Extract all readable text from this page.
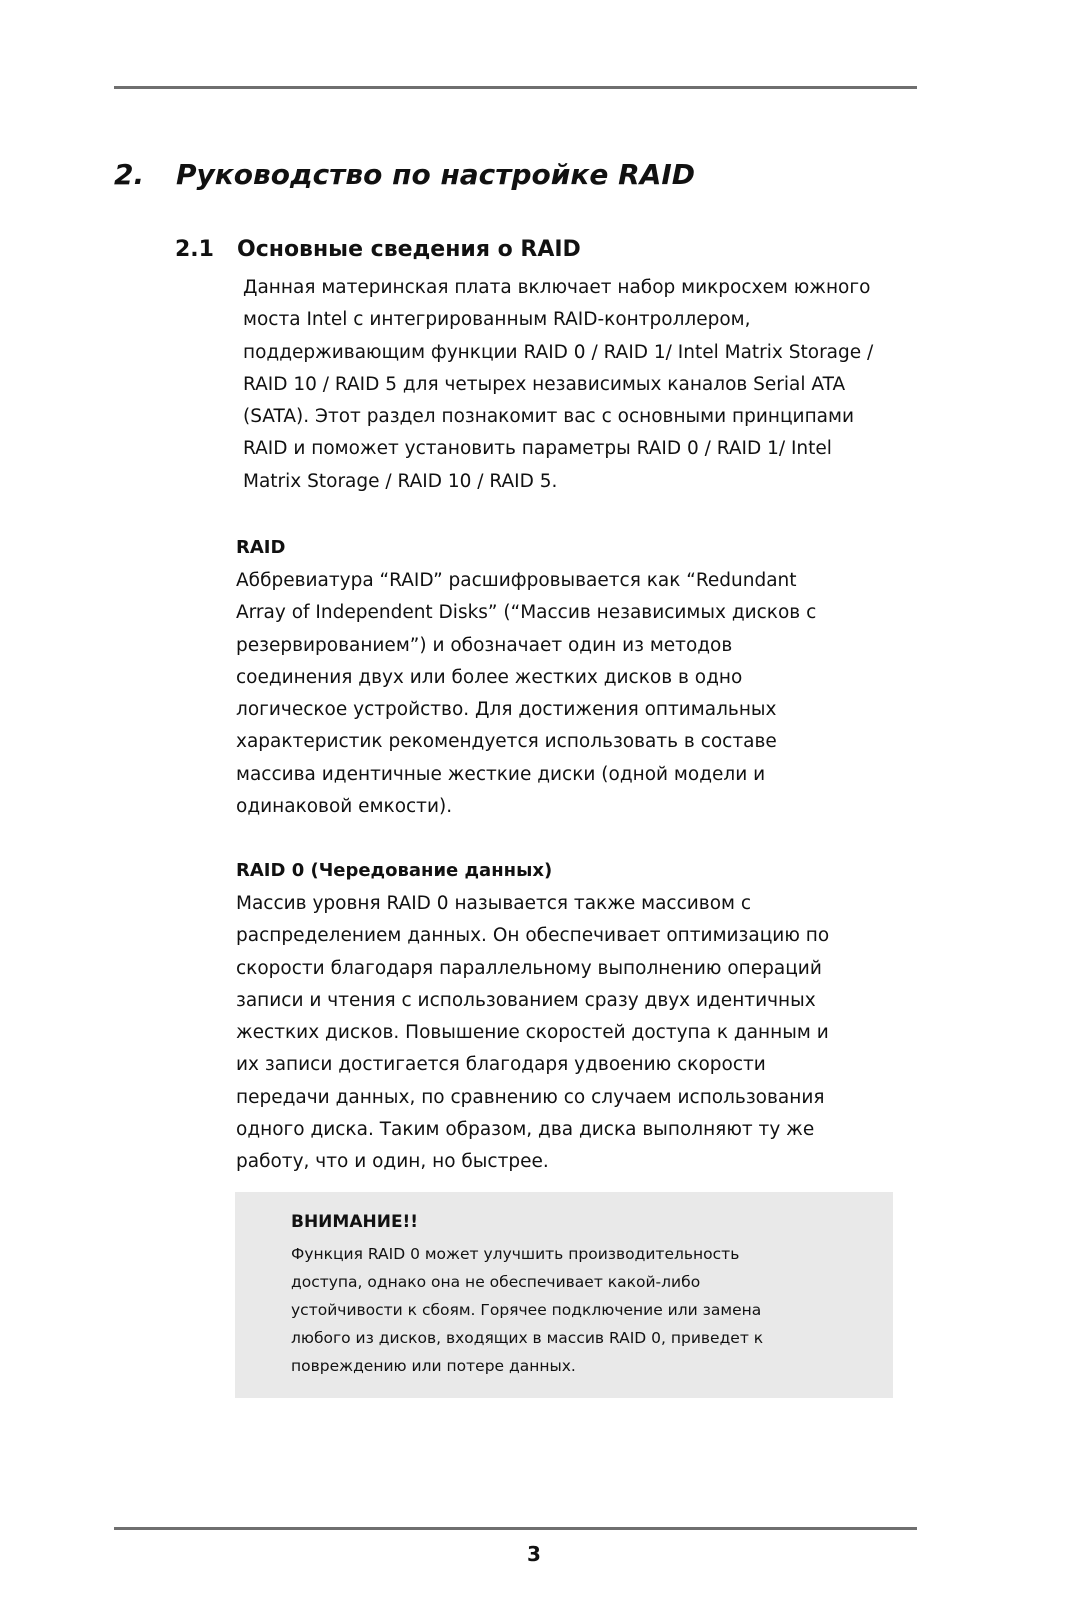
2. Руководство по настройке RAID
2.1 Основные сведения о RAID

Данная материнская плата включает набор микросхем южного
моста Intel с интегрированным RAID-контроллером,
поддерживающим функции RAID 0 / RAID 1/ Intel Matrix Storage /
RAID 10 / RAID 5 для четырех независимых каналов Serial ATA
(SATA). Этот раздел познакомит вас с основными принципами
RAID и поможет установить параметры RAID 0 / RAID 1/ Intel
Matrix Storage / RAID 10 / RAID 5.

RAID

Аббревиатура “RAID” расшифровывается как “Redundant
Array of Independent Disks” (“Массив независимых дисков с
резервированием”) и обозначает один из методов
соединения двух или более жестких дисков в одно
логическое устройство. Для достижения оптимальных
характеристик рекомендуется использовать в составе
массива идентичные жесткие диски (одной модели и
одинаковой емкости).

RAID 0 (Чередование данных)

Массив уровня RAID 0 называется также массивом с
распределением данных. Он обеспечивает оптимизацию по
скорости благодаря параллельному выполнению операций
записи и чтения с использованием сразу двух идентичных
жестких дисков. Повышение скоростей доступа к данным и
их записи достигается благодаря удвоению скорости
передачи данных, по сравнению со случаем использования
одного диска. Таким образом, два диска выполняют ту же
работу, что и один, но быстрее.

ВНИМАНИЕ!!

Функция RAID 0 может улучшить производительность
доступа, однако она не обеспечивает какой-либо
устойчивости к сбоям. Горячее подключение или замена
любого из дисков, входящих в массив RAID 0, приведет к
повреждению или потере данных.

3
